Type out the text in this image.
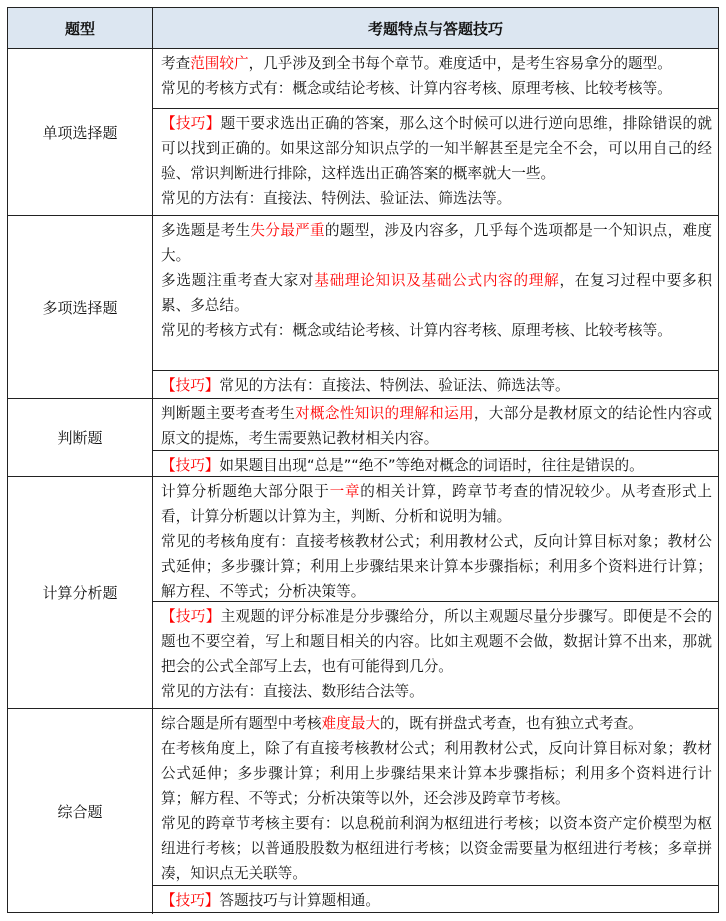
题型	考题特点与答题技巧
单项选择题

考查范围较广，几乎涉及到全书每个章节。难度适中，是考生容易拿分的题型。

常见的考核方式有：概念或结论考核、计算内容考核、原理考核、比较考核等。

【技巧】题干要求选出正确的答案，那么这个时候可以进行逆向思维，排除错误的就可以找到正确的。如果这部分知识点学的一知半解甚至是完全不会，可以用自己的经验、常识判断进行排除，这样选出正确答案的概率就大一些。

常见的方法有：直接法、特例法、验证法、筛选法等。

多项选择题

多选题是考生失分最严重的题型，涉及内容多，几乎每个选项都是一个知识点，难度大。

多选题注重考查大家对基础理论知识及基础公式内容的理解，在复习过程中要多积累、多总结。

常见的考核方式有：概念或结论考核、计算内容考核、原理考核、比较考核等。

【技巧】常见的方法有：直接法、特例法、验证法、筛选法等。

判断题

判断题主要考查考生对概念性知识的理解和运用，大部分是教材原文的结论性内容或原文的提炼，考生需要熟记教材相关内容。

【技巧】如果题目出现“总是”“绝不”等绝对概念的词语时，往往是错误的。

计算分析题

计算分析题绝大部分限于一章的相关计算，跨章节考查的情况较少。从考查形式上看，计算分析题以计算为主，判断、分析和说明为辅。

常见的考核角度有：直接考核教材公式；利用教材公式，反向计算目标对象；教材公式延伸；多步骤计算；利用上步骤结果来计算本步骤指标；利用多个资料进行计算；解方程、不等式；分析决策等。

【技巧】主观题的评分标准是分步骤给分，所以主观题尽量分步骤写。即便是不会的题也不要空着，写上和题目相关的内容。比如主观题不会做，数据计算不出来，那就把会的公式全部写上去，也有可能得到几分。

常见的方法有：直接法、数形结合法等。

综合题

综合题是所有题型中考核难度最大的，既有拼盘式考查，也有独立式考查。

在考核角度上，除了有直接考核教材公式；利用教材公式，反向计算目标对象；教材公式延伸；多步骤计算；利用上步骤结果来计算本步骤指标；利用多个资料进行计算；解方程、不等式；分析决策等以外，还会涉及跨章节考核。

常见的跨章节考核主要有：以息税前利润为枢纽进行考核；以资本资产定价模型为枢纽进行考核；以普通股股数为枢纽进行考核；以资金需要量为枢纽进行考核；多章拼凑，知识点无关联等。

【技巧】答题技巧与计算题相通。
